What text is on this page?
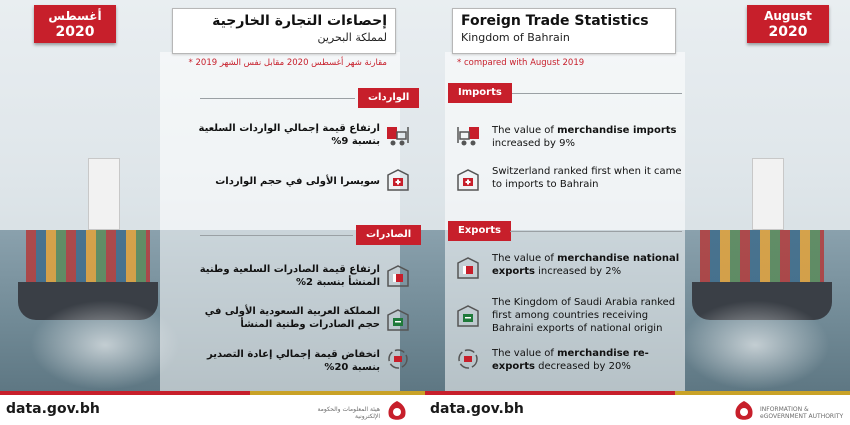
أغسطس
2020
August
2020
إحصاءات التجارة الخارجية
لمملكة البحرين
Foreign Trade Statistics
Kingdom of Bahrain
* مقارنة شهر أغسطس 2020 مقابل نفس الشهر 2019	* compared with August 2019
الواردات
الصادرات
Imports
Exports
ارتفاع قيمة إجمالي الواردات السلعية بنسبة 9%
سويسرا الأولى في حجم الواردات
ارتفاع قيمة الصادرات السلعية وطنية المنشأ بنسبة 2%
المملكة العربية السعودية الأولى في حجم الصادرات وطنية المنشأ
انخفاض قيمة إجمالي إعادة التصدير بنسبة 20%
The value of merchandise imports increased by 9%
Switzerland ranked first when it came to imports to Bahrain
The value of merchandise national exports increased by 2%
The Kingdom of Saudi Arabia ranked first among countries receiving Bahraini exports of national origin
The value of merchandise re-exports decreased by 20%
data.gov.bh	data.gov.bh
هيئة المعلومات والحكومة الإلكترونية
INFORMATION &
eGOVERNMENT AUTHORITY
